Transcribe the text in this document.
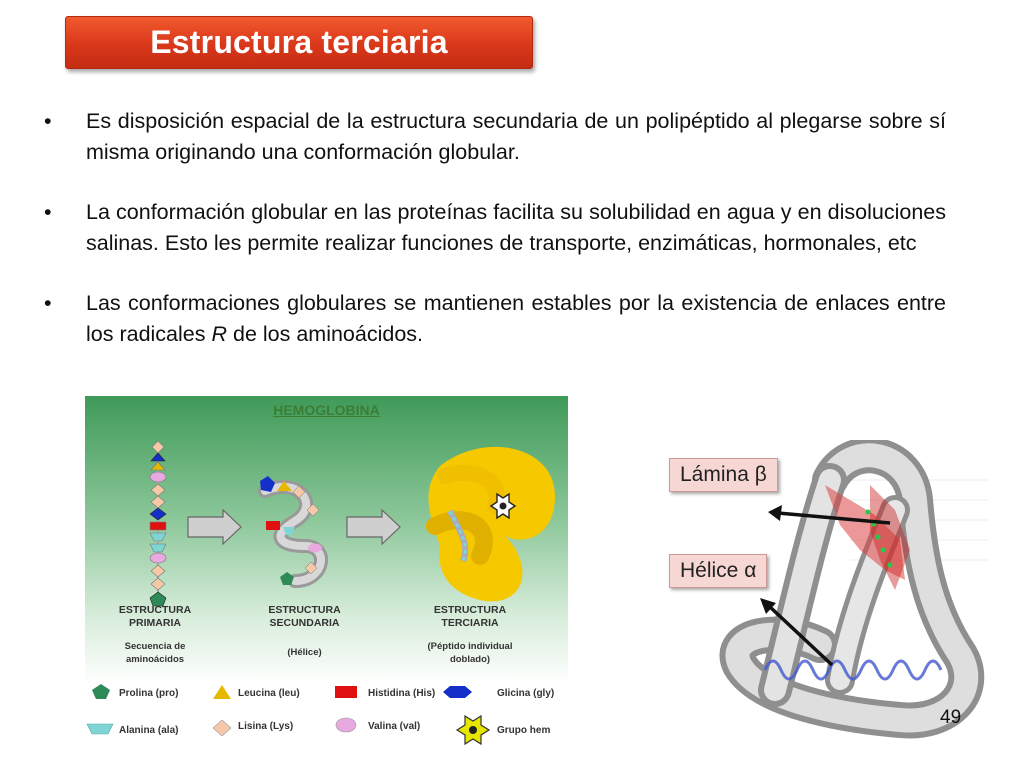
Estructura terciaria
• Es disposición espacial de la estructura secundaria de un polipéptido al plegarse sobre sí misma originando una conformación globular.
• La conformación globular en las proteínas facilita su solubilidad en agua y en disoluciones salinas. Esto les permite realizar funciones de transporte, enzimáticas, hormonales, etc
• Las conformaciones globulares se mantienen estables por la existencia de enlaces entre los radicales R de los aminoácidos.
HEMOGLOBINA
ESTRUCTURA
PRIMARIA
Secuencia de
aminoácidos
ESTRUCTURA
SECUNDARIA
(Hélice)
ESTRUCTURA
TERCIARIA
(Péptido individual
doblado)
Prolina (pro)	Leucina (leu)	Histidina (His)	Glicina (gly)
Alanina (ala)	Lisina (Lys)	Valina (val)	Grupo hem
Lámina β
Hélice α
49
